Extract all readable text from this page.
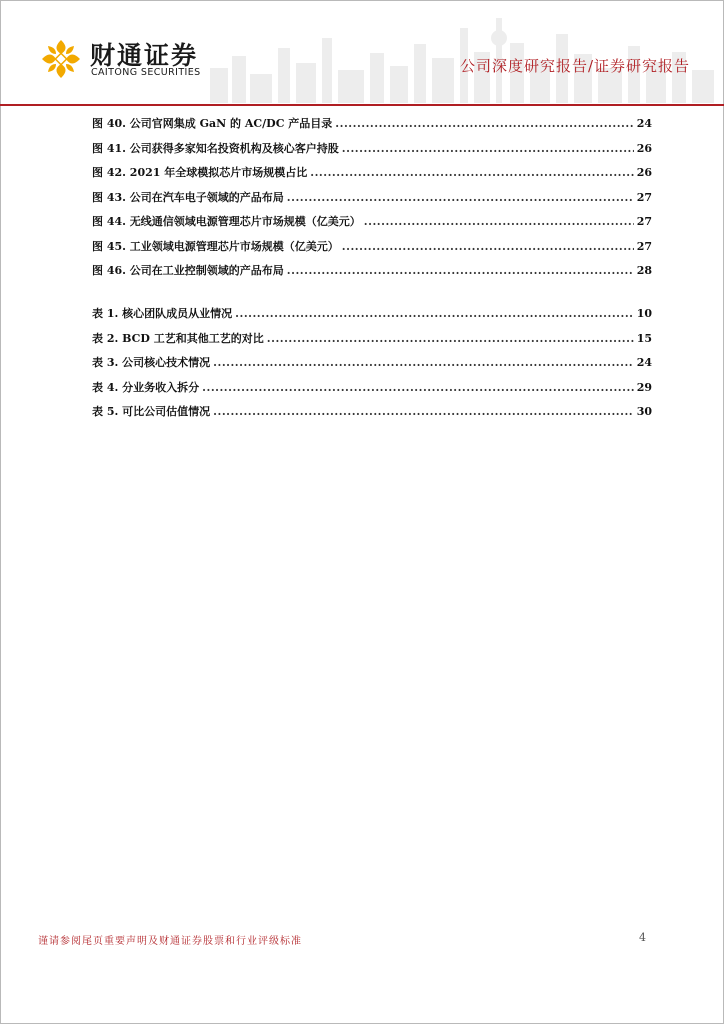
财通证券
CAITONG SECURITIES	公司深度研究报告/证券研究报告
图 40. 公司官网集成 GaN 的 AC/DC 产品目录 .....	24
图 41. 公司获得多家知名投资机构及核心客户持股 .....	26
图 42. 2021 年全球模拟芯片市场规模占比 .....	26
图 43. 公司在汽车电子领域的产品布局 .....	27
图 44. 无线通信领域电源管理芯片市场规模（亿美元） .....	27
图 45. 工业领域电源管理芯片市场规模（亿美元） .....	27
图 46. 公司在工业控制领域的产品布局 .....	28
表 1. 核心团队成员从业情况 .....	10
表 2. BCD 工艺和其他工艺的对比 .....	15
表 3. 公司核心技术情况 .....	24
表 4. 分业务收入拆分 .....	29
表 5. 可比公司估值情况 .....	30
谨请参阅尾页重要声明及财通证券股票和行业评级标准	4
